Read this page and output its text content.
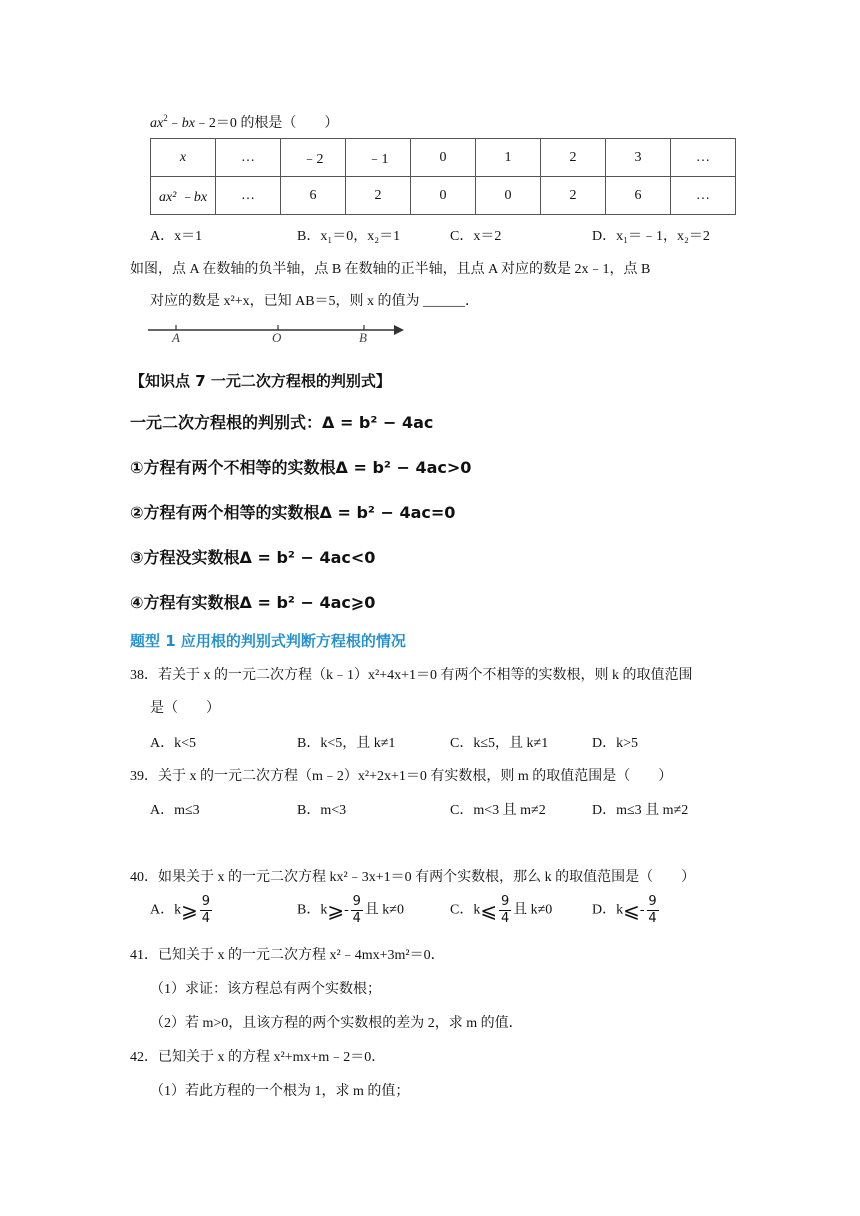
$ax^2﹣bx﹣2=0$ 的根是（　　）
x	…	﹣2	﹣1	0	1	2	3	…
ax² ﹣bx	…	6	2	0	0	2	6	…
A．x＝1	B．x₁＝0，x₂＝1	C．x＝2	D．x₁＝﹣1，x₂＝2
如图，点 A 在数轴的负半轴，点 B 在数轴的正半轴，且点 A 对应的数是 2x﹣1，点 B
对应的数是 x²+x，已知 AB＝5，则 x 的值为 ______．
A	O	B
【知识点 7 一元二次方程根的判别式】
一元二次方程根的判别式：Δ = b² − 4ac
①方程有两个不相等的实数根Δ = b² − 4ac>0
②方程有两个相等的实数根Δ = b² − 4ac=0
③方程没实数根Δ = b² − 4ac<0
④方程有实数根Δ = b² − 4ac⩾0
题型 1 应用根的判别式判断方程根的情况
38．若关于 x 的一元二次方程（k﹣1）x²+4x+1＝0 有两个不相等的实数根，则 k 的取值范围
是（　　）
A．k<5	B．k<5，且 k≠1	C．k≤5，且 k≠1	D．k>5
39．关于 x 的一元二次方程（m﹣2）x²+2x+1＝0 有实数根，则 m 的取值范围是（　　）
A．m≤3	B．m<3	C．m<3 且 m≠2	D．m≤3 且 m≠2
40．如果关于 x 的一元二次方程 kx²﹣3x+1＝0 有两个实数根，那么 k 的取值范围是（　　）
A．k⩾ $\frac{9}{4}$	B．k⩾- $\frac{9}{4}$ 且 k≠0	C．k⩽ $\frac{9}{4}$ 且 k≠0	D．k⩽- $\frac{9}{4}$
41．已知关于 x 的一元二次方程 x²﹣4mx+3m²＝0．
（1）求证：该方程总有两个实数根；
（2）若 m>0，且该方程的两个实数根的差为 2，求 m 的值．
42．已知关于 x 的方程 x²+mx+m﹣2＝0．
（1）若此方程的一个根为 1，求 m 的值；
